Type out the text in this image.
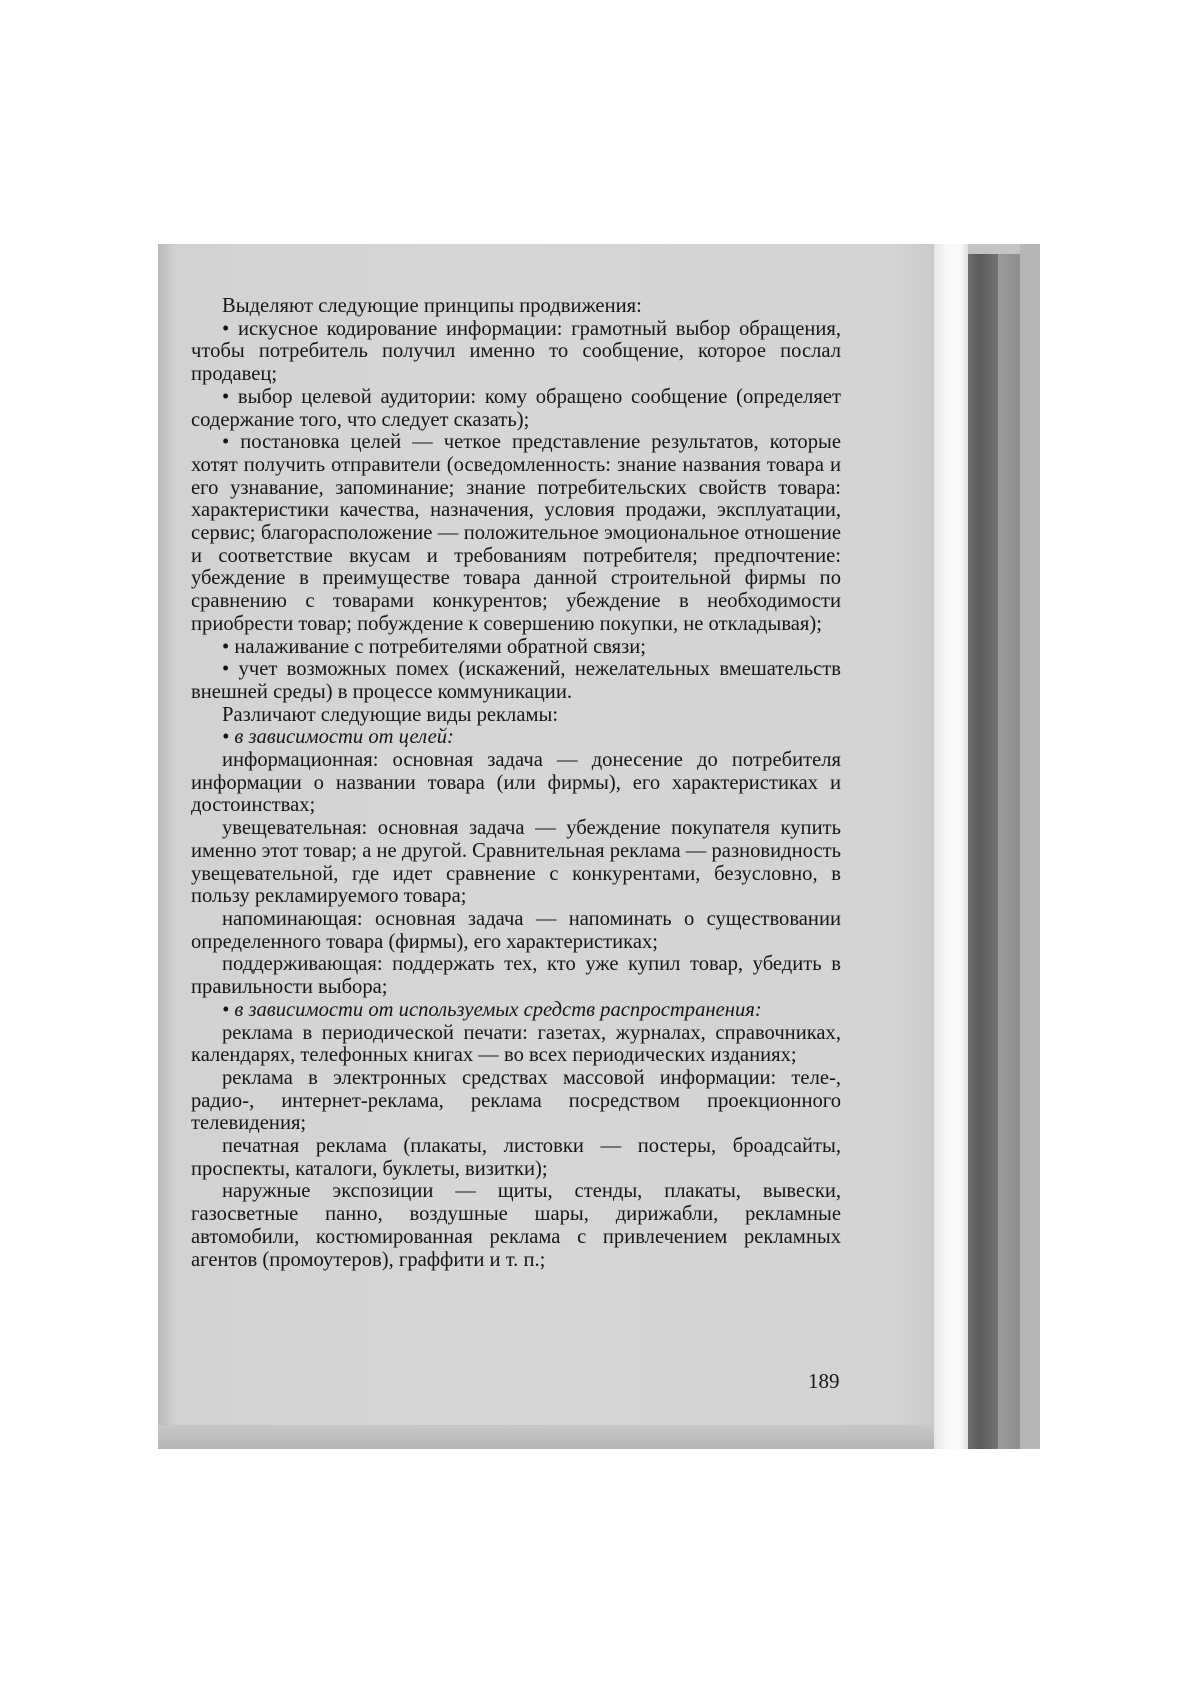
Выделяют следующие принципы продвижения:

• искусное кодирование информации: грамотный выбор обращения, чтобы потребитель получил именно то сообщение, которое послал продавец;

• выбор целевой аудитории: кому обращено сообщение (определяет содержание того, что следует сказать);

• постановка целей — четкое представление результатов, которые хотят получить отправители (осведомленность: знание названия товара и его узнавание, запоминание; знание потребительских свойств товара: характеристики качества, назначения, условия продажи, эксплуатации, сервис; благорасположение — положительное эмоциональное отношение и соответствие вкусам и требованиям потребителя; предпочтение: убеждение в преимуществе товара данной строительной фирмы по сравнению с товарами конкурентов; убеждение в необходимости приобрести товар; побуждение к совершению покупки, не откладывая);

• налаживание с потребителями обратной связи;

• учет возможных помех (искажений, нежелательных вмешательств внешней среды) в процессе коммуникации.

Различают следующие виды рекламы:

• в зависимости от целей:

информационная: основная задача — донесение до потребителя информации о названии товара (или фирмы), его характеристиках и достоинствах;

увещевательная: основная задача — убеждение покупателя купить именно этот товар; а не другой. Сравнительная реклама — разновидность увещевательной, где идет сравнение с конкурентами, безусловно, в пользу рекламируемого товара;

напоминающая: основная задача — напоминать о существовании определенного товара (фирмы), его характеристиках;

поддерживающая: поддержать тех, кто уже купил товар, убедить в правильности выбора;

• в зависимости от используемых средств распространения:

реклама в периодической печати: газетах, журналах, справочниках, календарях, телефонных книгах — во всех периодических изданиях;

реклама в электронных средствах массовой информации: теле-, радио-, интернет-реклама, реклама посредством проекционного телевидения;

печатная реклама (плакаты, листовки — постеры, броадсайты, проспекты, каталоги, буклеты, визитки);

наружные экспозиции — щиты, стенды, плакаты, вывески, газосветные панно, воздушные шары, дирижабли, рекламные автомобили, костюмированная реклама с привлечением рекламных агентов (промоутеров), граффити и т. п.;

189
